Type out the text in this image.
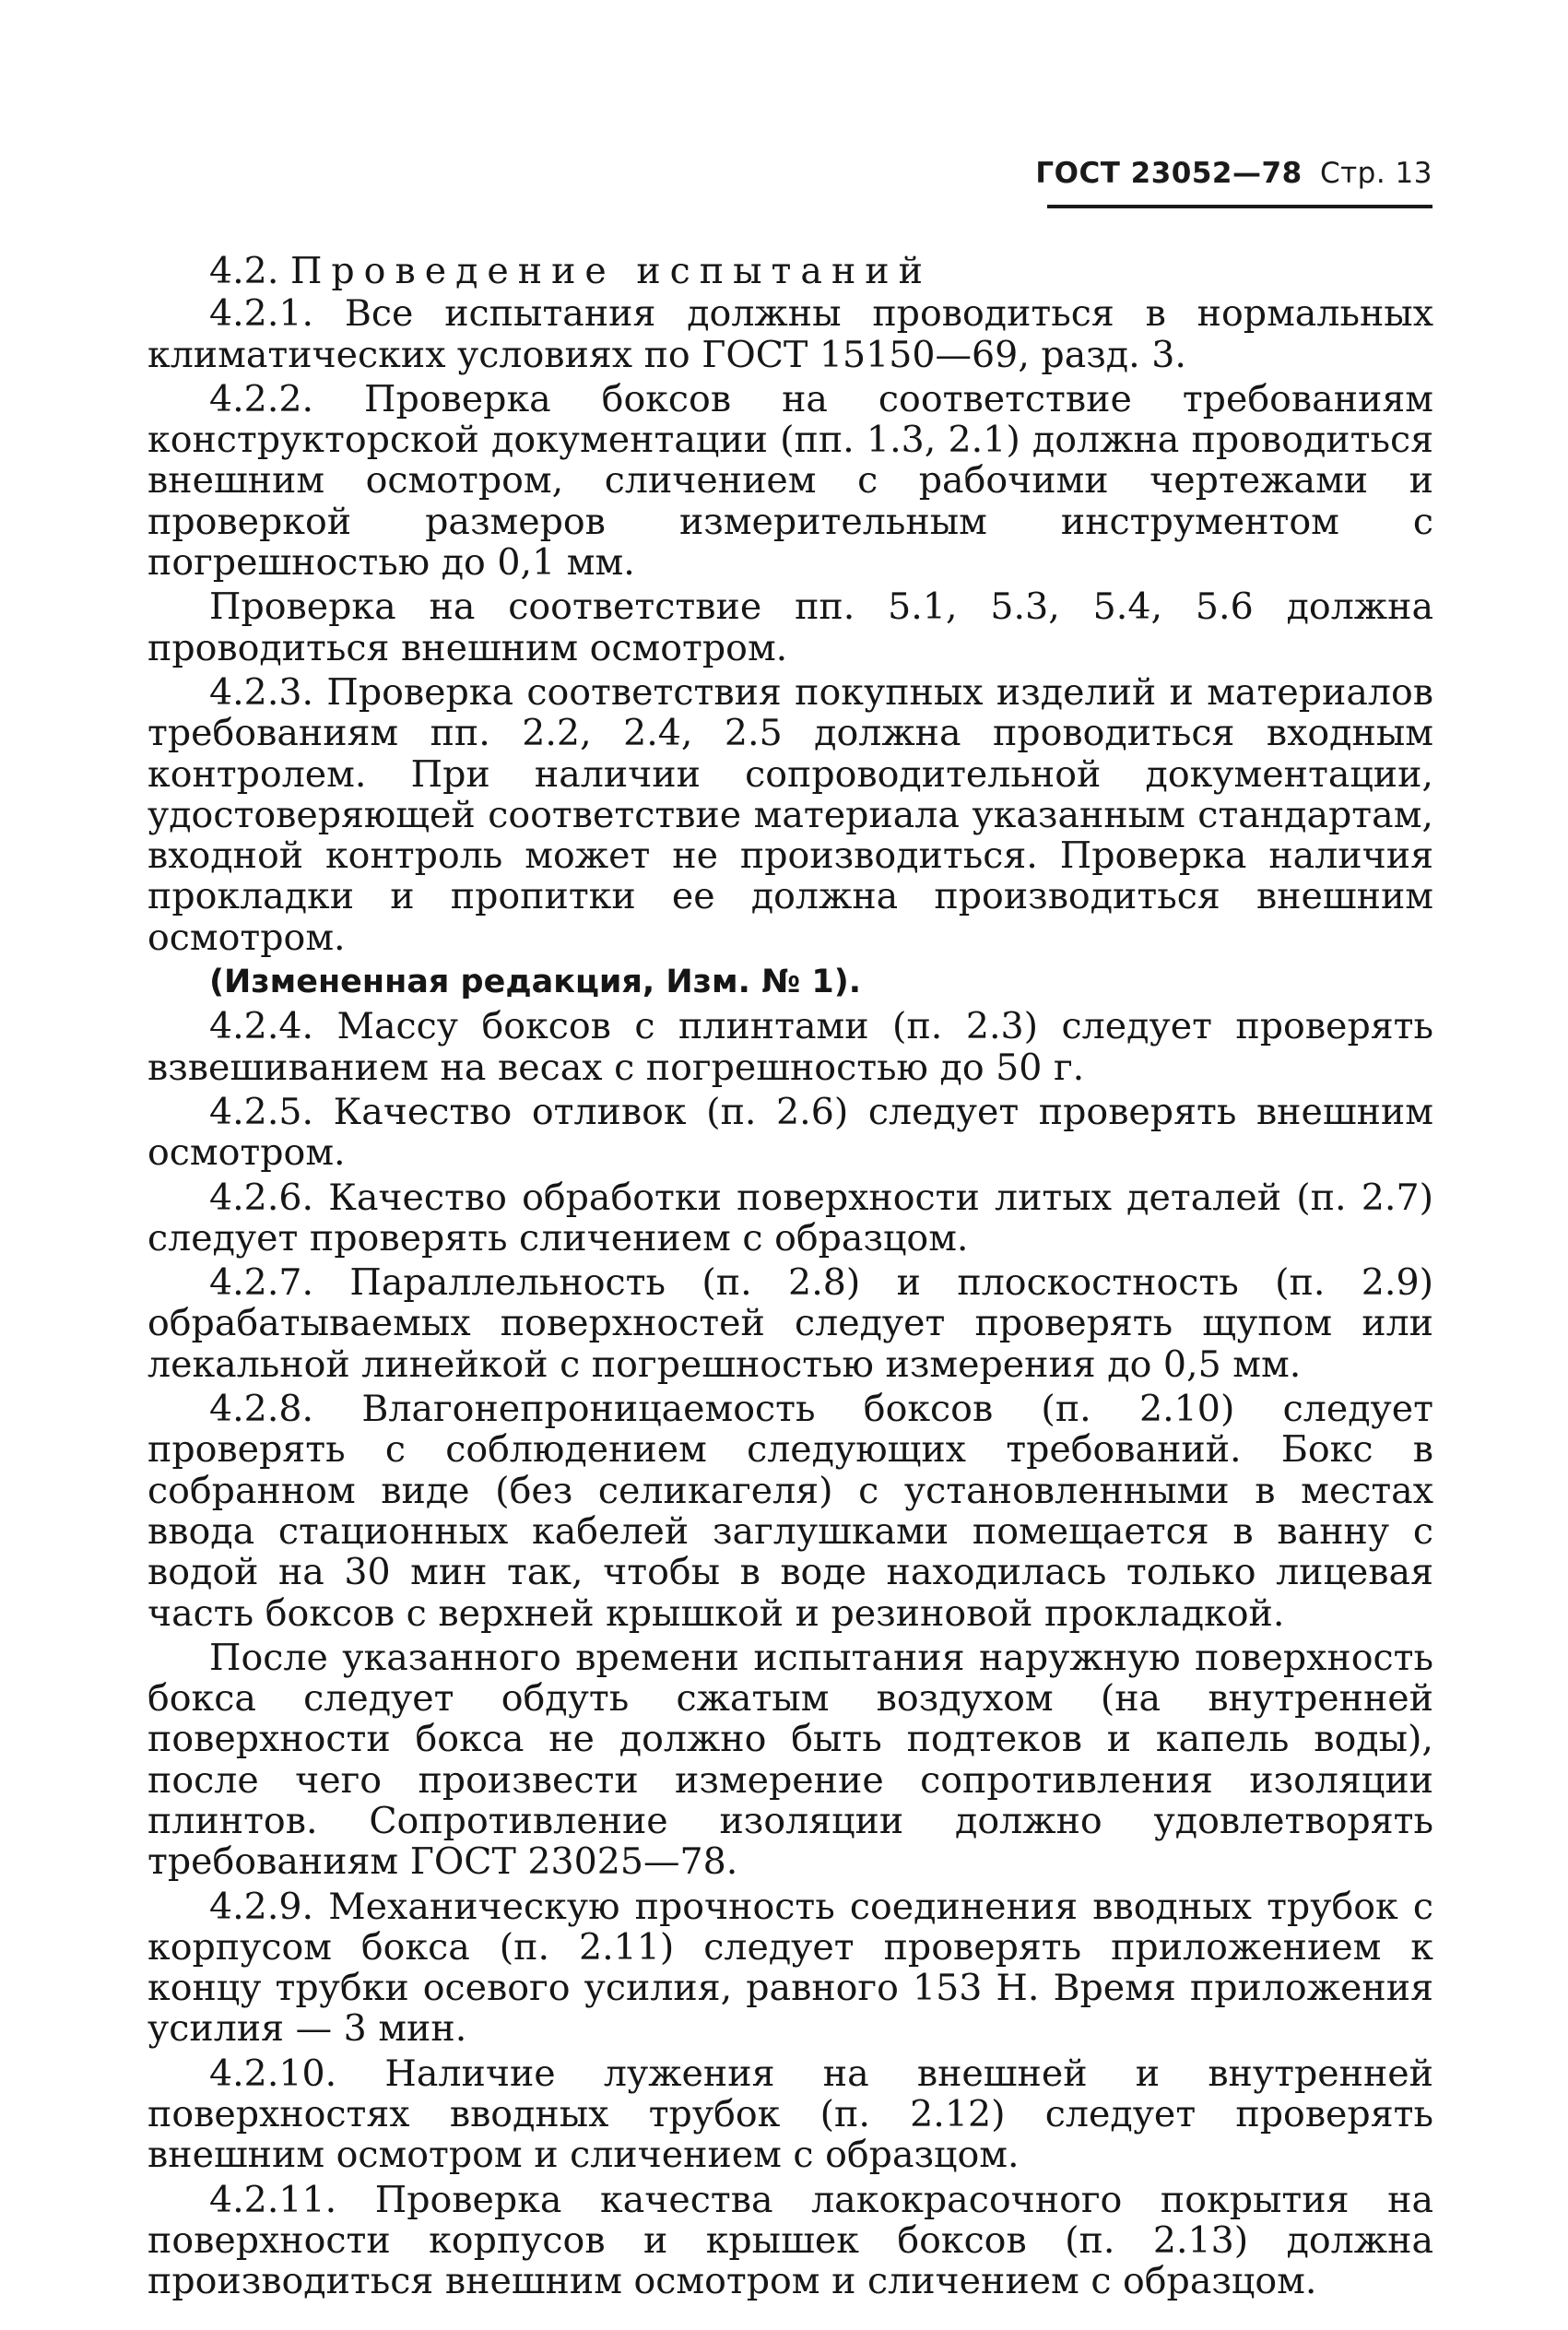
ГОСТ 23052—78 Стр. 13

4.2. Проведение испытаний

4.2.1. Все испытания должны проводиться в нормальных климатических условиях по ГОСТ 15150—69, разд. 3.

4.2.2. Проверка боксов на соответствие требованиям конструкторской документации (пп. 1.3, 2.1) должна проводиться внешним осмотром, сличением с рабочими чертежами и проверкой размеров измерительным инструментом с погрешностью до 0,1 мм.

Проверка на соответствие пп. 5.1, 5.3, 5.4, 5.6 должна проводиться внешним осмотром.

4.2.3. Проверка соответствия покупных изделий и материалов требованиям пп. 2.2, 2.4, 2.5 должна проводиться входным контролем. При наличии сопроводительной документации, удостоверяющей соответствие материала указанным стандартам, входной контроль может не производиться. Проверка наличия прокладки и пропитки ее должна производиться внешним осмотром.

(Измененная редакция, Изм. № 1).

4.2.4. Массу боксов с плинтами (п. 2.3) следует проверять взвешиванием на весах с погрешностью до 50 г.

4.2.5. Качество отливок (п. 2.6) следует проверять внешним осмотром.

4.2.6. Качество обработки поверхности литых деталей (п. 2.7) следует проверять сличением с образцом.

4.2.7. Параллельность (п. 2.8) и плоскостность (п. 2.9) обрабатываемых поверхностей следует проверять щупом или лекальной линейкой с погрешностью измерения до 0,5 мм.

4.2.8. Влагонепроницаемость боксов (п. 2.10) следует проверять с соблюдением следующих требований. Бокс в собранном виде (без селикагеля) с установленными в местах ввода стационных кабелей заглушками помещается в ванну с водой на 30 мин так, чтобы в воде находилась только лицевая часть боксов с верхней крышкой и резиновой прокладкой.

После указанного времени испытания наружную поверхность бокса следует обдуть сжатым воздухом (на внутренней поверхности бокса не должно быть подтеков и капель воды), после чего произвести измерение сопротивления изоляции плинтов. Сопротивление изоляции должно удовлетворять требованиям ГОСТ 23025—78.

4.2.9. Механическую прочность соединения вводных трубок с корпусом бокса (п. 2.11) следует проверять приложением к концу трубки осевого усилия, равного 153 Н. Время приложения усилия — 3 мин.

4.2.10. Наличие лужения на внешней и внутренней поверхностях вводных трубок (п. 2.12) следует проверять внешним осмотром и сличением с образцом.

4.2.11. Проверка качества лакокрасочного покрытия на поверхности корпусов и крышек боксов (п. 2.13) должна производиться внешним осмотром и сличением с образцом.
